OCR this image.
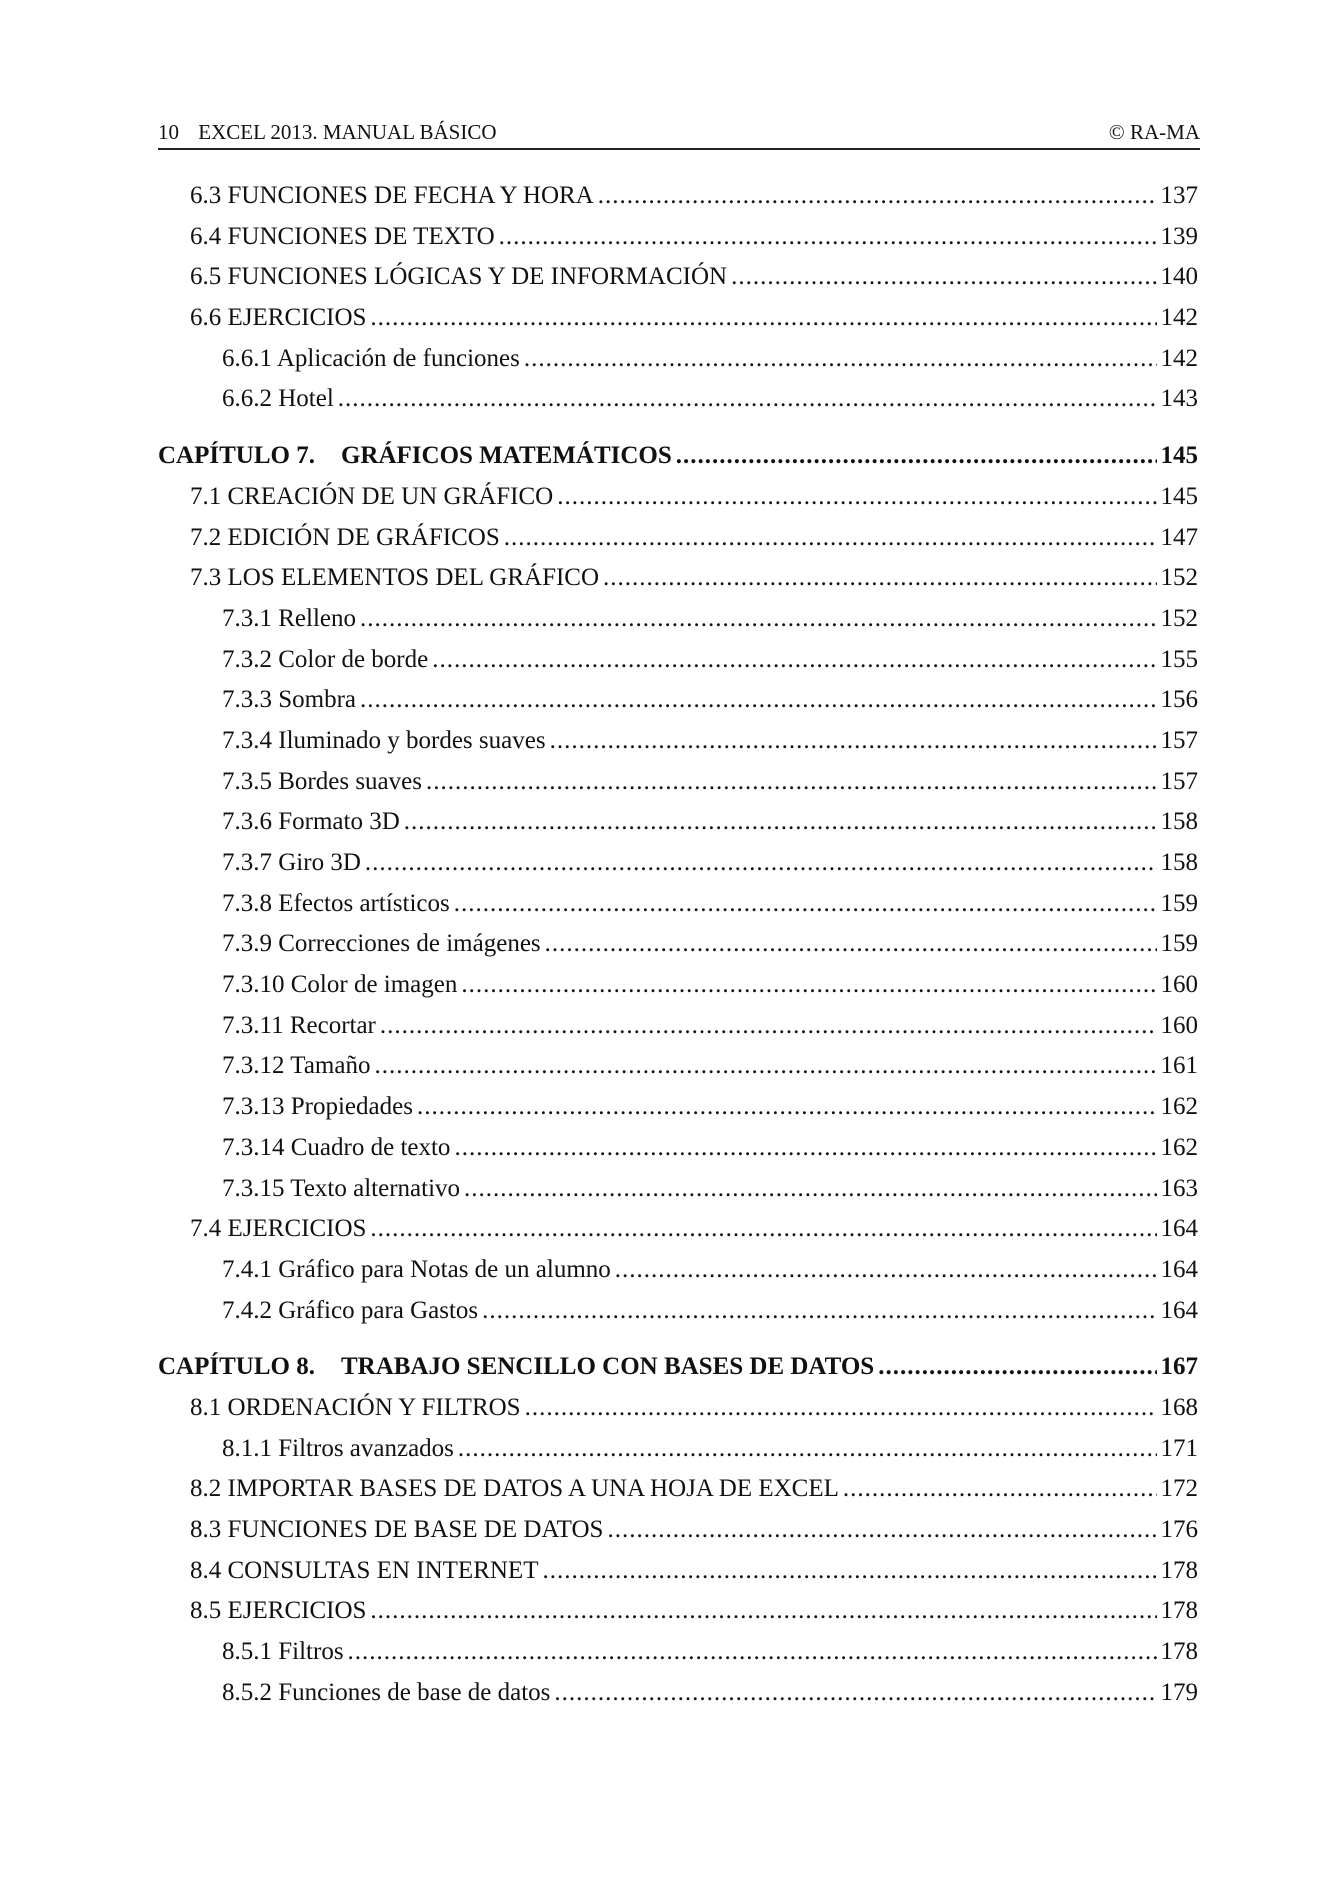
10 EXCEL 2013. MANUAL BÁSICO	© RA-MA
6.3 FUNCIONES DE FECHA Y HORA .....	137
6.4 FUNCIONES DE TEXTO .....	139
6.5 FUNCIONES LÓGICAS Y DE INFORMACIÓN .....	140
6.6 EJERCICIOS .....	142
6.6.1 Aplicación de funciones .....	142
6.6.2 Hotel .....	143
CAPÍTULO 7. GRÁFICOS MATEMÁTICOS .....	145
7.1 CREACIÓN DE UN GRÁFICO .....	145
7.2 EDICIÓN DE GRÁFICOS .....	147
7.3 LOS ELEMENTOS DEL GRÁFICO .....	152
7.3.1 Relleno .....	152
7.3.2 Color de borde .....	155
7.3.3 Sombra .....	156
7.3.4 Iluminado y bordes suaves .....	157
7.3.5 Bordes suaves .....	157
7.3.6 Formato 3D .....	158
7.3.7 Giro 3D .....	158
7.3.8 Efectos artísticos .....	159
7.3.9 Correcciones de imágenes .....	159
7.3.10 Color de imagen .....	160
7.3.11 Recortar .....	160
7.3.12 Tamaño .....	161
7.3.13 Propiedades .....	162
7.3.14 Cuadro de texto .....	162
7.3.15 Texto alternativo .....	163
7.4 EJERCICIOS .....	164
7.4.1 Gráfico para Notas de un alumno .....	164
7.4.2 Gráfico para Gastos .....	164
CAPÍTULO 8. TRABAJO SENCILLO CON BASES DE DATOS .....	167
8.1 ORDENACIÓN Y FILTROS .....	168
8.1.1 Filtros avanzados .....	171
8.2 IMPORTAR BASES DE DATOS A UNA HOJA DE EXCEL .....	172
8.3 FUNCIONES DE BASE DE DATOS .....	176
8.4 CONSULTAS EN INTERNET .....	178
8.5 EJERCICIOS .....	178
8.5.1 Filtros .....	178
8.5.2 Funciones de base de datos .....	179
